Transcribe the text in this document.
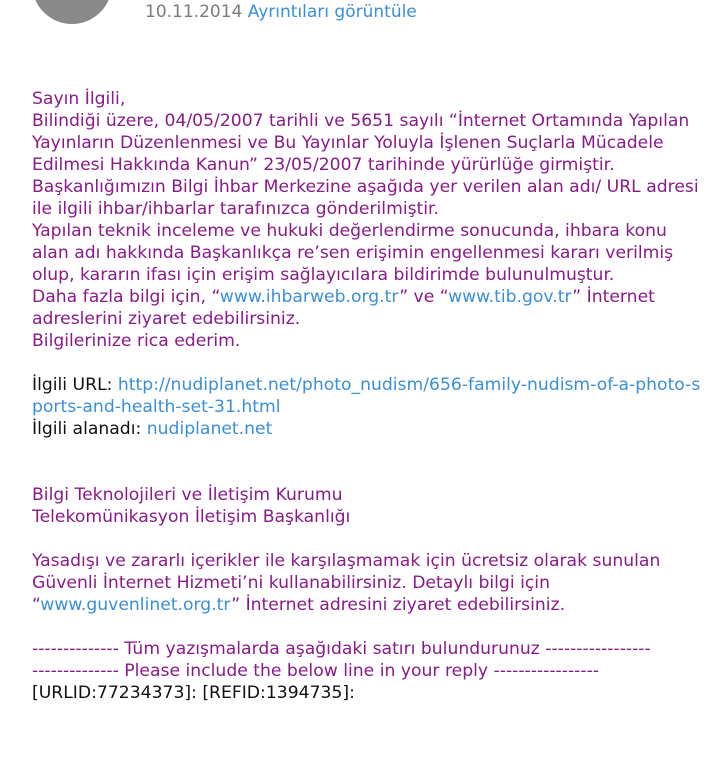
10.11.2014 Ayrıntıları görüntüle

Sayın İlgili,

Bilindiği üzere, 04/05/2007 tarihli ve 5651 sayılı “İnternet Ortamında Yapılan Yayınların Düzenlenmesi ve Bu Yayınlar Yoluyla İşlenen Suçlarla Mücadele Edilmesi Hakkında Kanun” 23/05/2007 tarihinde yürürlüğe girmiştir.

Başkanlığımızın Bilgi İhbar Merkezine aşağıda yer verilen alan adı/ URL adresi ile ilgili ihbar/ihbarlar tarafınızca gönderilmiştir.

Yapılan teknik inceleme ve hukuki değerlendirme sonucunda, ihbara konu alan adı hakkında Başkanlıkça re’sen erişimin engellenmesi kararı verilmiş olup, kararın ifası için erişim sağlayıcılara bildirimde bulunulmuştur.

Daha fazla bilgi için, “www.ihbarweb.org.tr” ve “www.tib.gov.tr” İnternet adreslerini ziyaret edebilirsiniz.

Bilgilerinize rica ederim.

İlgili URL: http://nudiplanet.net/photo_nudism/656-family-nudism-of-a-photo-sports-and-health-set-31.html

İlgili alanadı: nudiplanet.net

Bilgi Teknolojileri ve İletişim Kurumu

Telekomünikasyon İletişim Başkanlığı

Yasadışı ve zararlı içerikler ile karşılaşmamak için ücretsiz olarak sunulan Güvenli İnternet Hizmeti’ni kullanabilirsiniz. Detaylı bilgi için “www.guvenlinet.org.tr” İnternet adresini ziyaret edebilirsiniz.

-------------- Tüm yazışmalarda aşağıdaki satırı bulundurunuz -----------------

-------------- Please include the below line in your reply -----------------

[URLID:77234373]: [REFID:1394735]:
